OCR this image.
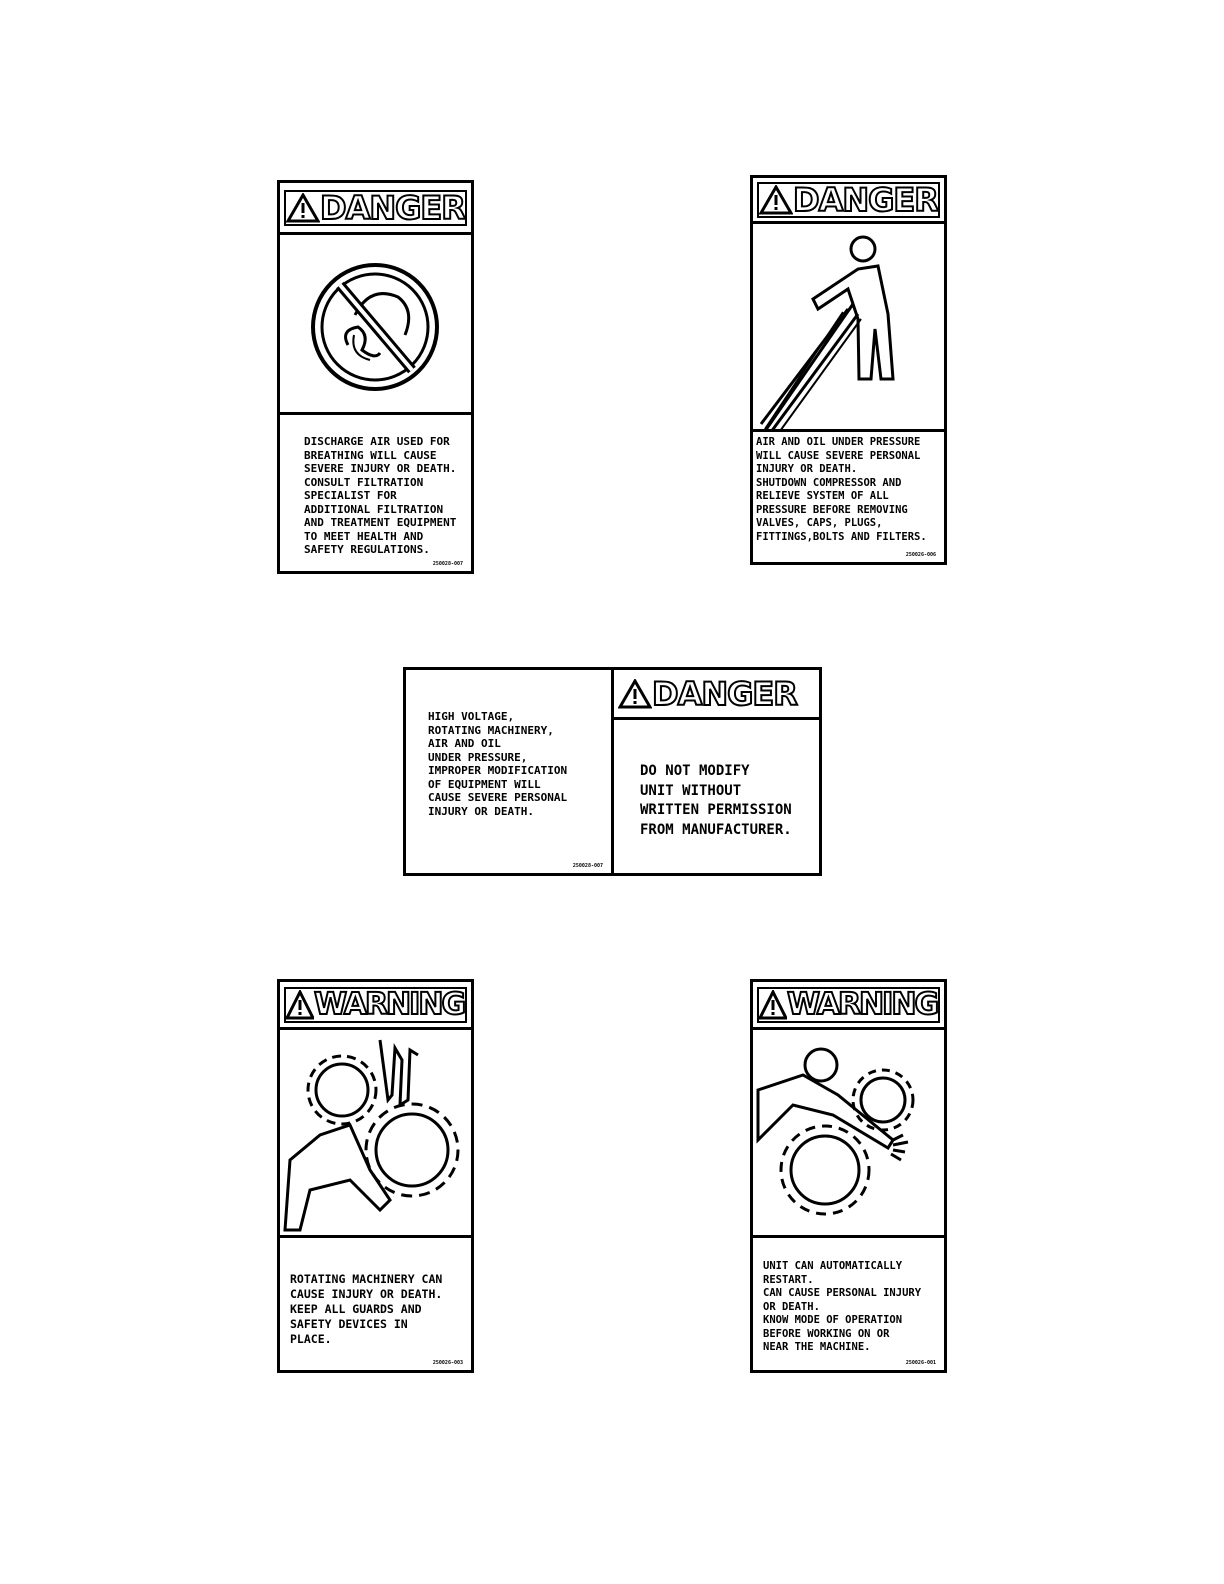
DANGER
DISCHARGE AIR USED FOR
BREATHING WILL CAUSE
SEVERE INJURY OR DEATH.
CONSULT FILTRATION
SPECIALIST FOR
ADDITIONAL FILTRATION
AND TREATMENT EQUIPMENT
TO MEET HEALTH AND
SAFETY REGULATIONS.
250028-007
DANGER
AIR AND OIL UNDER PRESSURE
WILL CAUSE SEVERE PERSONAL
INJURY OR DEATH.
SHUTDOWN COMPRESSOR AND
RELIEVE SYSTEM OF ALL
PRESSURE BEFORE REMOVING
VALVES, CAPS, PLUGS,
FITTINGS,BOLTS AND FILTERS.
250026-006
HIGH VOLTAGE,
ROTATING MACHINERY,
AIR AND OIL
UNDER PRESSURE,
IMPROPER MODIFICATION
OF EQUIPMENT WILL
CAUSE SEVERE PERSONAL
INJURY OR DEATH.
250028-007
DANGER
DO NOT MODIFY
UNIT WITHOUT
WRITTEN PERMISSION
FROM MANUFACTURER.
WARNING
ROTATING MACHINERY CAN
CAUSE INJURY OR DEATH.
KEEP ALL GUARDS AND
SAFETY DEVICES IN
PLACE.
250026-003
WARNING
UNIT CAN AUTOMATICALLY
RESTART.
CAN CAUSE PERSONAL INJURY
OR DEATH.
KNOW MODE OF OPERATION
BEFORE WORKING ON OR
NEAR THE MACHINE.
250026-001
